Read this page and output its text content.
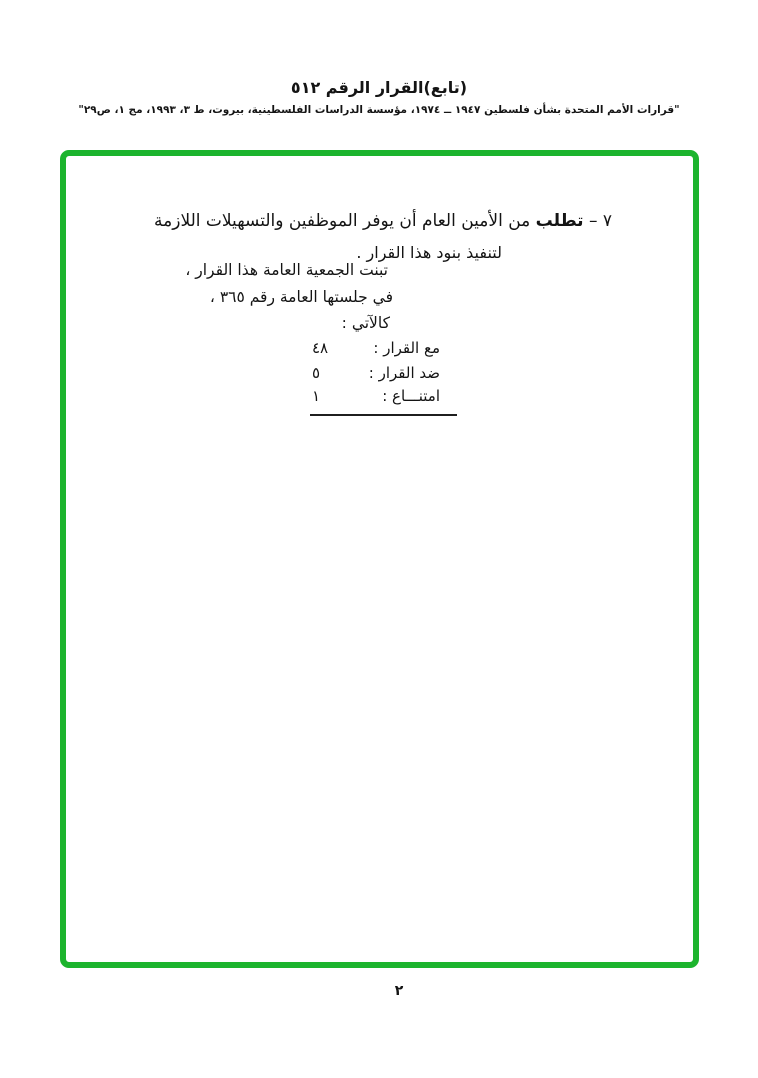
(تابع)القرار الرقم ٥١٢
"قرارات الأمم المتحدة بشأن فلسطين ١٩٤٧ ــ ١٩٧٤، مؤسسة الدراسات الفلسطينية، بيروت، ط ٣، ١٩٩٣، مج ١، ص٢٩"
٧ – تطلب من الأمين العام أن يوفر الموظفين والتسهيلات اللازمة
لتنفيذ بنود هذا القرار .
تبنت الجمعية العامة هذا القرار ،
في جلستها العامة رقم ٣٦٥ ،
كالآتي :
مع القرار :
٤٨
ضد القرار :
٥
امتنـــاع :
١
٢
